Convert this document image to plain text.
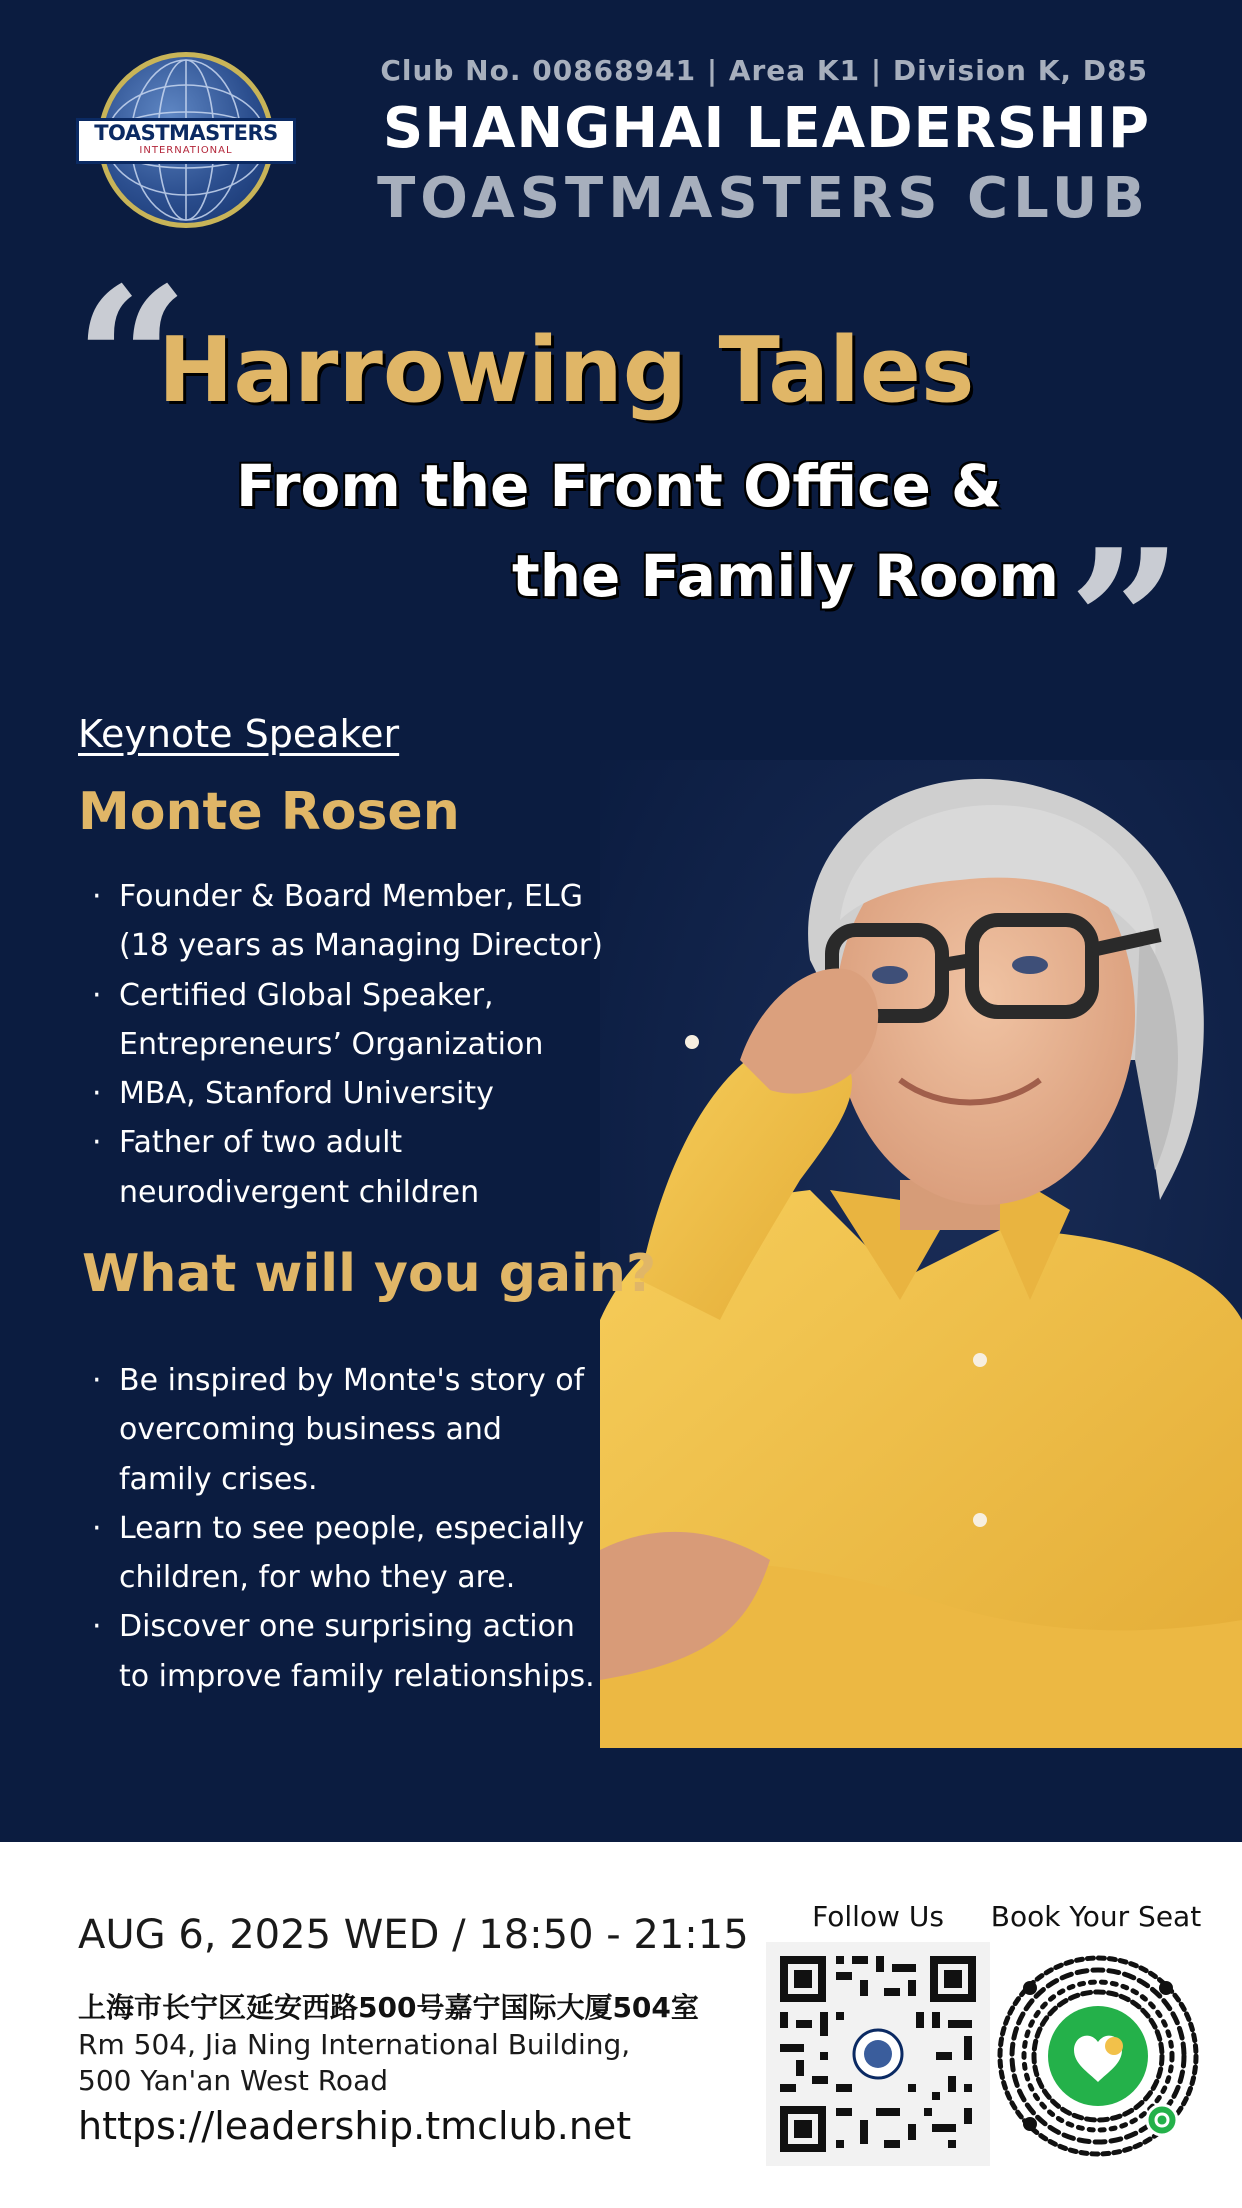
TOASTMASTERS
INTERNATIONAL
Club No. 00868941 | Area K1 | Division K, D85
SHANGHAI LEADERSHIP
TOASTMASTERS CLUB
“
Harrowing Tales
From the Front Office &
the Family Room ”
Keynote Speaker
Monte Rosen
· Founder & Board Member, ELG (18 years as Managing Director)
· Certified Global Speaker, Entrepreneurs’ Organization
· MBA, Stanford University
· Father of two adult neurodivergent children
What will you gain?
· Be inspired by Monte's story of overcoming business and family crises.
· Learn to see people, especially children, for who they are.
· Discover one surprising action to improve family relationships.
AUG 6, 2025 WED / 18:50 - 21:15
上海市长宁区延安西路500号嘉宁国际大厦504室
Rm 504, Jia Ning International Building,
500 Yan'an West Road
https://leadership.tmclub.net
Follow Us	Book Your Seat
